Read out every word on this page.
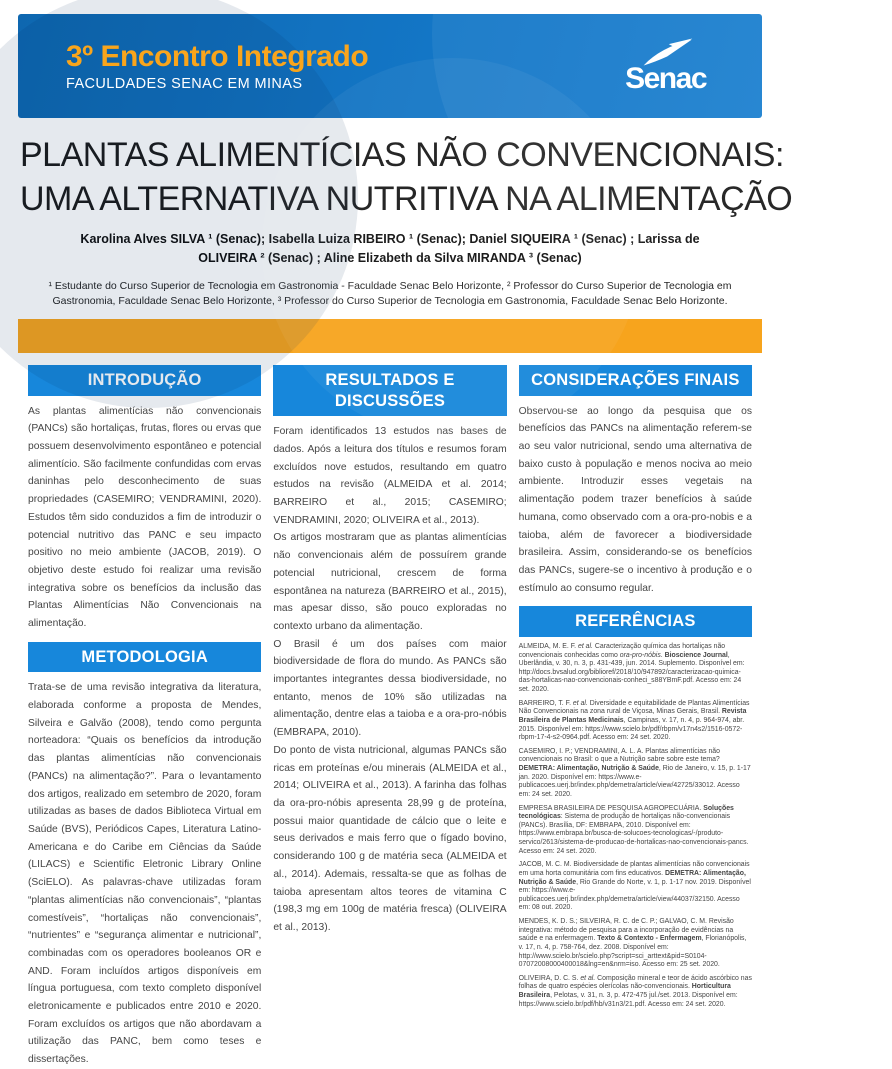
3º Encontro Integrado
FACULDADES SENAC EM MINAS	Senac
PLANTAS ALIMENTÍCIAS NÃO CONVENCIONAIS:
UMA ALTERNATIVA NUTRITIVA NA ALIMENTAÇÃO
Karolina Alves SILVA ¹ (Senac); Isabella Luiza RIBEIRO ¹ (Senac); Daniel SIQUEIRA ¹ (Senac) ; Larissa de OLIVEIRA ² (Senac) ; Aline Elizabeth da Silva MIRANDA ³ (Senac)
¹ Estudante do Curso Superior de Tecnologia em Gastronomia - Faculdade Senac Belo Horizonte, ² Professor do Curso Superior de Tecnologia em Gastronomia, Faculdade Senac Belo Horizonte, ³ Professor do Curso Superior de Tecnologia em Gastronomia, Faculdade Senac Belo Horizonte.
INTRODUÇÃO
As plantas alimentícias não convencionais (PANCs) são hortaliças, frutas, flores ou ervas que possuem desenvolvimento espontâneo e potencial alimentício. São facilmente confundidas com ervas daninhas pelo desconhecimento de suas propriedades (CASEMIRO; VENDRAMINI, 2020). Estudos têm sido conduzidos a fim de introduzir o potencial nutritivo das PANC e seu impacto positivo no meio ambiente (JACOB, 2019). O objetivo deste estudo foi realizar uma revisão integrativa sobre os benefícios da inclusão das Plantas Alimentícias Não Convencionais na alimentação.
METODOLOGIA
Trata-se de uma revisão integrativa da literatura, elaborada conforme a proposta de Mendes, Silveira e Galvão (2008), tendo como pergunta norteadora: “Quais os benefícios da introdução das plantas alimentícias não convencionais (PANCs) na alimentação?”. Para o levantamento dos artigos, realizado em setembro de 2020, foram utilizadas as bases de dados Biblioteca Virtual em Saúde (BVS), Periódicos Capes, Literatura Latino-Americana e do Caribe em Ciências da Saúde (LILACS) e Scientific Eletronic Library Online (SciELO). As palavras-chave utilizadas foram “plantas alimentícias não convencionais”, “plantas comestíveis”, “hortaliças não convencionais”, “nutrientes” e “segurança alimentar e nutricional”, combinadas com os operadores booleanos OR e AND. Foram incluídos artigos disponíveis em língua portuguesa, com texto completo disponível eletronicamente e publicados entre 2010 e 2020. Foram excluídos os artigos que não abordavam a utilização das PANC, bem como teses e dissertações.
RESULTADOS E DISCUSSÕES

Foram identificados 13 estudos nas bases de dados. Após a leitura dos títulos e resumos foram excluídos nove estudos, resultando em quatro estudos na revisão (ALMEIDA et al. 2014; BARREIRO et al., 2015; CASEMIRO; VENDRAMINI, 2020; OLIVEIRA et al., 2013).

Os artigos mostraram que as plantas alimentícias não convencionais além de possuírem grande potencial nutricional, crescem de forma espontânea na natureza (BARREIRO et al., 2015), mas apesar disso, são pouco exploradas no contexto urbano da alimentação.

O Brasil é um dos países com maior biodiversidade de flora do mundo. As PANCs são importantes integrantes dessa biodiversidade, no entanto, menos de 10% são utilizadas na alimentação, dentre elas a taioba e a ora-pro-nóbis (EMBRAPA, 2010).

Do ponto de vista nutricional, algumas PANCs são ricas em proteínas e/ou minerais (ALMEIDA et al., 2014; OLIVEIRA et al., 2013). A farinha das folhas da ora-pro-nóbis apresenta 28,99 g de proteína, possui maior quantidade de cálcio que o leite e seus derivados e mais ferro que o fígado bovino, considerando 100 g de matéria seca (ALMEIDA et al., 2014). Ademais, ressalta-se que as folhas de taioba apresentam altos teores de vitamina C (198,3 mg em 100g de matéria fresca) (OLIVEIRA et al., 2013).

CONSIDERAÇÕES FINAIS
Observou-se ao longo da pesquisa que os benefícios das PANCs na alimentação referem-se ao seu valor nutricional, sendo uma alternativa de baixo custo à população e menos nociva ao meio ambiente. Introduzir esses vegetais na alimentação podem trazer benefícios à saúde humana, como observado com a ora-pro-nobis e a taioba, além de favorecer a biodiversidade brasileira. Assim, considerando-se os benefícios das PANCs, sugere-se o incentivo à produção e o estímulo ao consumo regular.
REFERÊNCIAS

ALMEIDA, M. E. F. et al. Caracterização química das hortaliças não convencionais conhecidas como ora-pro-nóbis. Bioscience Journal, Uberlândia, v. 30, n. 3, p. 431-439, jun. 2014. Suplemento. Disponível em: http://docs.bvsalud.org/biblioref/2018/10/947892/caracterizacao-quimica-das-hortalicas-nao-convencionais-conheci_s88YBmF.pdf. Acesso em: 24 set. 2020.

BARREIRO, T. F. et al. Diversidade e equitabilidade de Plantas Alimentícias Não Convencionais na zona rural de Viçosa, Minas Gerais, Brasil. Revista Brasileira de Plantas Medicinais, Campinas, v. 17, n. 4, p. 964-974, abr. 2015. Disponível em: https://www.scielo.br/pdf/rbpm/v17n4s2/1516-0572-rbpm-17-4-s2-0964.pdf. Acesso em: 24 set. 2020.

CASEMIRO, I. P.; VENDRAMINI, A. L. A. Plantas alimentícias não convencionais no Brasil: o que a Nutrição sabre sobre este tema? DEMETRA: Alimentação, Nutrição & Saúde, Rio de Janeiro, v. 15, p. 1-17 jan. 2020. Disponível em: https://www.e-publicacoes.uerj.br/index.php/demetra/article/view/42725/33012. Acesso em: 24 set. 2020.

EMPRESA BRASILEIRA DE PESQUISA AGROPECUÁRIA. Soluções tecnológicas: Sistema de produção de hortaliças não-convencionais (PANCs). Brasília, DF: EMBRAPA, 2010. Disponível em: https://www.embrapa.br/busca-de-solucoes-tecnologicas/-/produto-servico/2613/sistema-de-producao-de-hortalicas-nao-convencionais-pancs. Acesso em: 24 set. 2020.

JACOB, M. C. M. Biodiversidade de plantas alimentícias não convencionais em uma horta comunitária com fins educativos. DEMETRA: Alimentação, Nutrição & Saúde, Rio Grande do Norte, v. 1, p. 1-17 nov. 2019. Disponível em: https://www.e-publicacoes.uerj.br/index.php/demetra/article/view/44037/32150. Acesso em: 08 out. 2020.

MENDES, K. D. S.; SILVEIRA, R. C. de C. P.; GALVAO, C. M. Revisão integrativa: método de pesquisa para a incorporação de evidências na saúde e na enfermagem. Texto & Contexto - Enfermagem, Florianópolis, v. 17, n. 4, p. 758-764, dez. 2008. Disponível em: http://www.scielo.br/scielo.php?script=sci_arttext&pid=S0104-07072008000400018&lng=en&nrm=iso. Acesso em: 25 set. 2020.

OLIVEIRA, D. C. S. et al. Composição mineral e teor de ácido ascórbico nas folhas de quatro espécies olerícolas não-convencionais. Horticultura Brasileira, Pelotas, v. 31, n. 3, p. 472-475 jul./set. 2013. Disponível em: https://www.scielo.br/pdf/hb/v31n3/21.pdf. Acesso em: 24 set. 2020.
